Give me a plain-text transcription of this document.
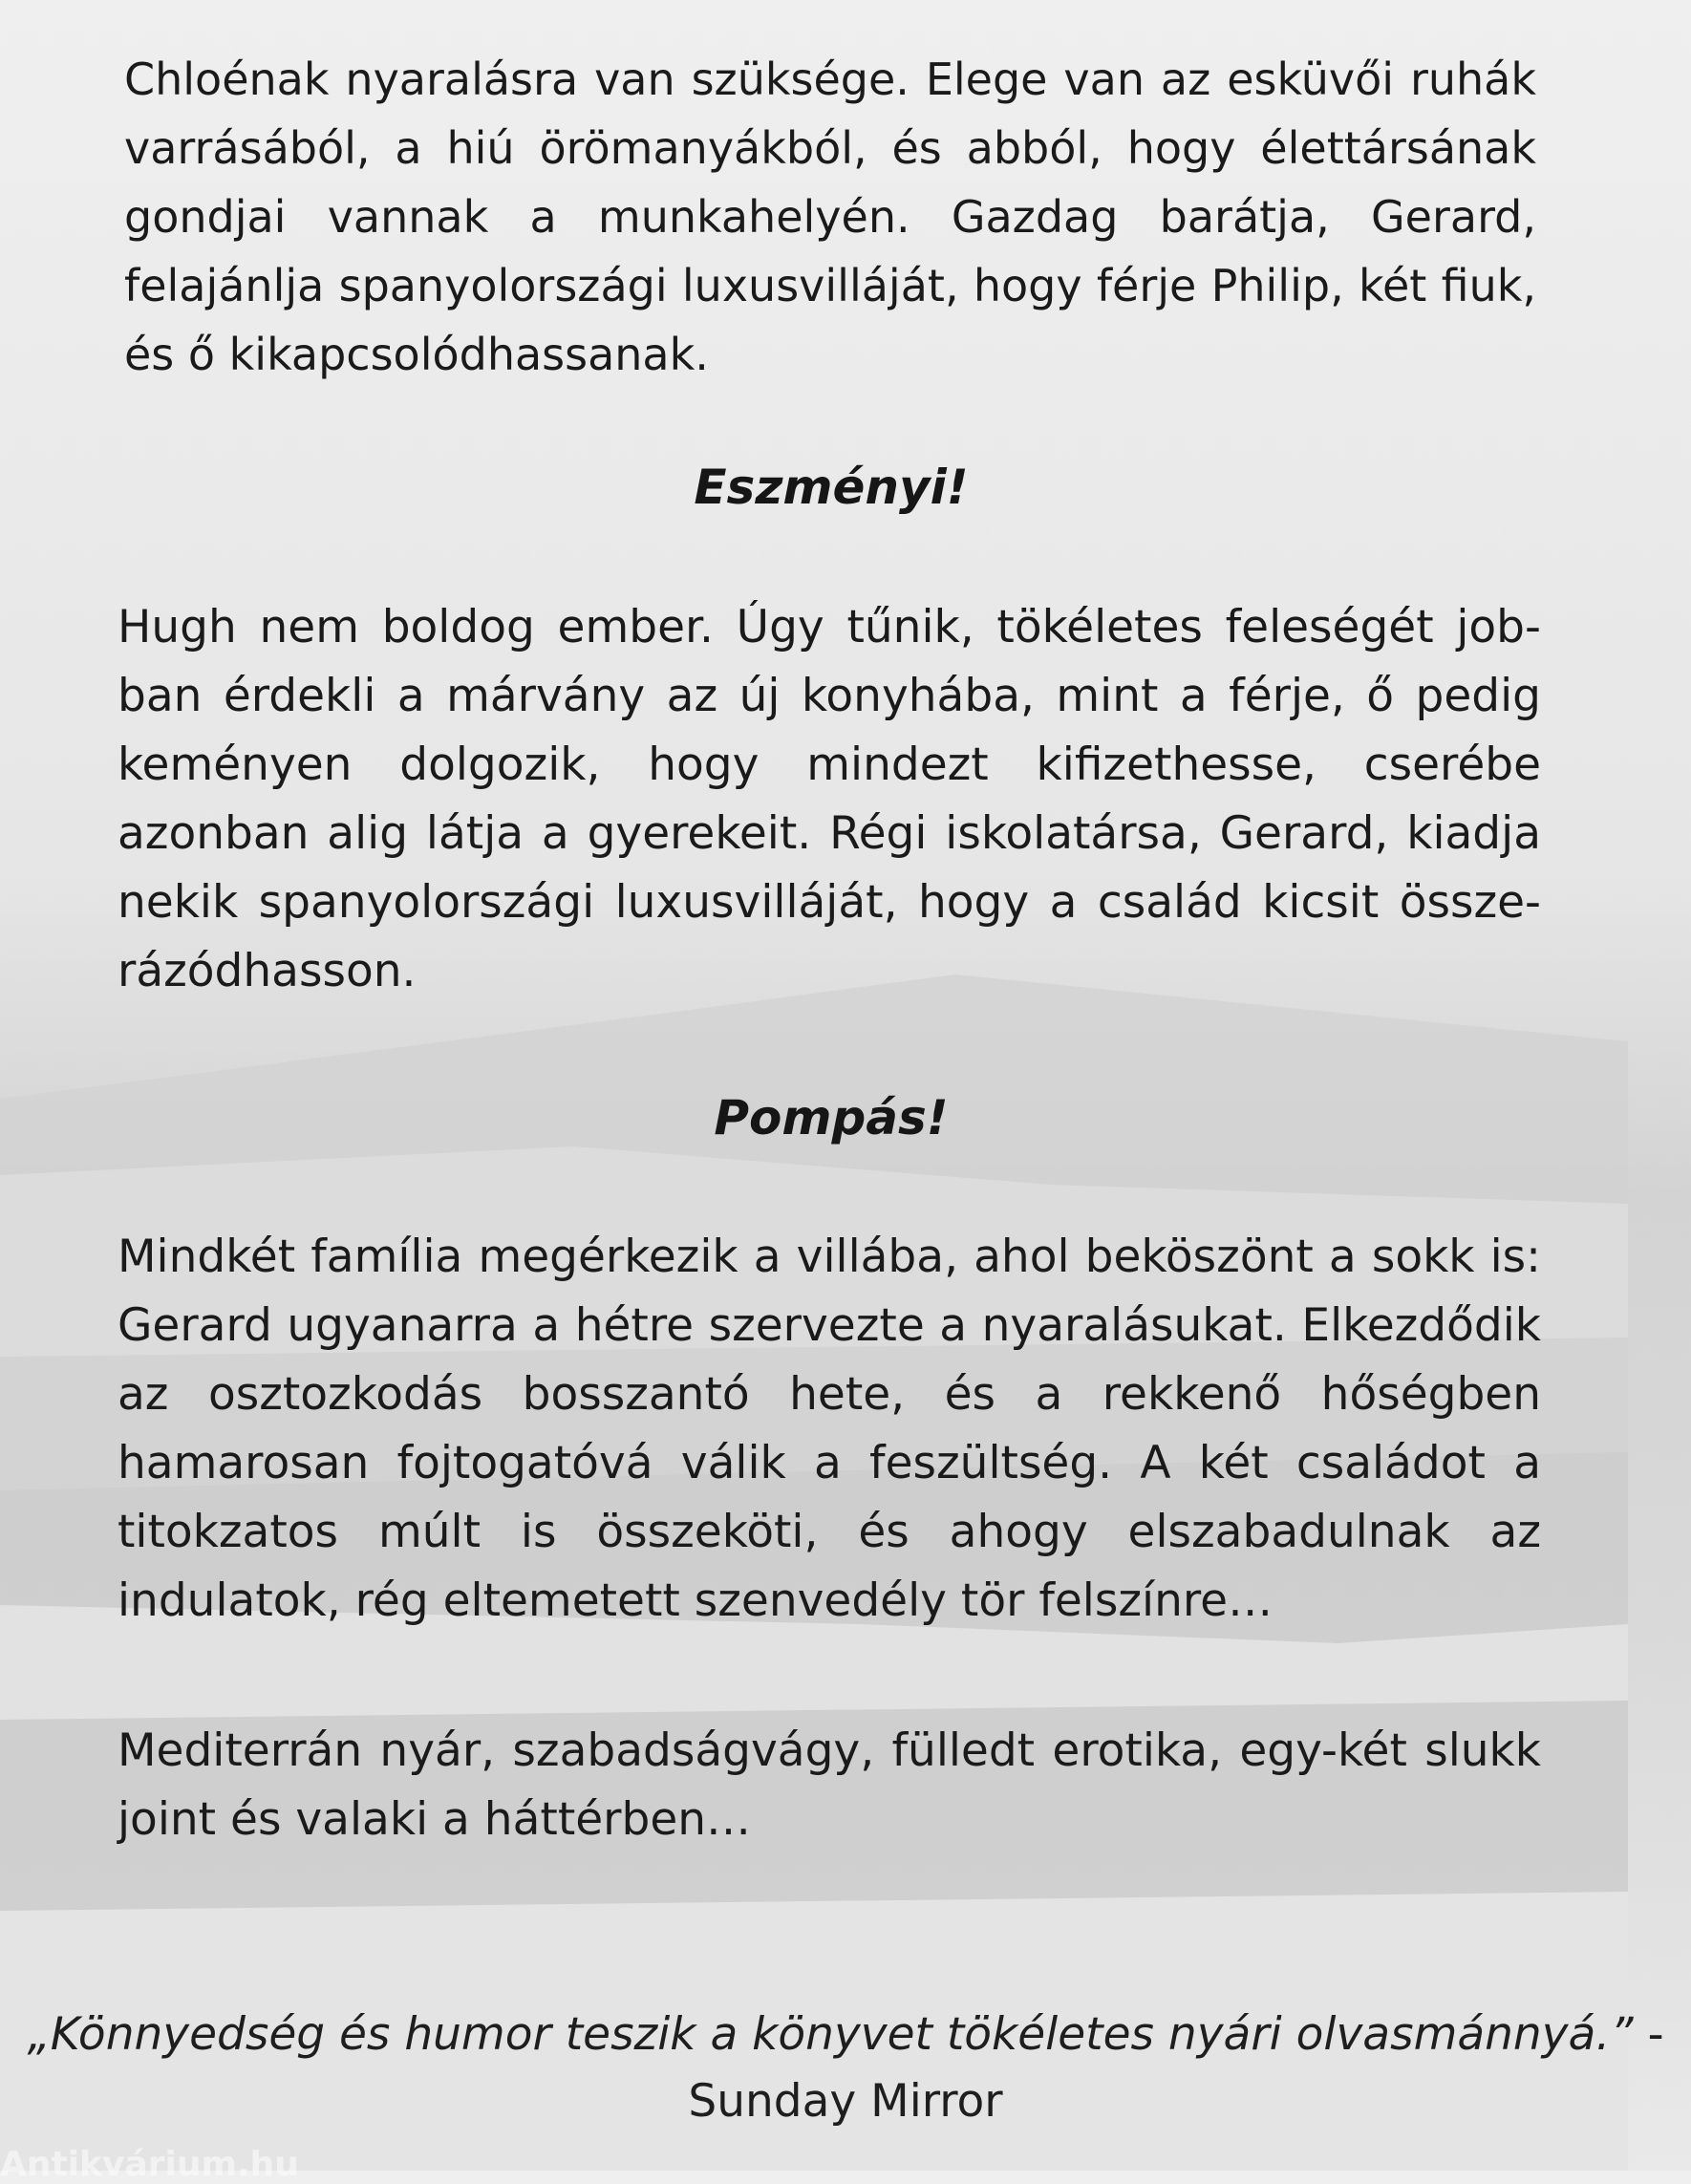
Chloénak nyaralásra van szüksége. Elege van az esküvői ruhák varrásából, a hiú örömanyákból, és abból, hogy élettársának gondjai vannak a munkahelyén. Gazdag barátja, Gerard, felajánlja spanyolországi luxusvilláját, hogy férje Philip, két fiuk, és ő kikapcsolódhassanak.

Eszményi!

Hugh nem boldog ember. Úgy tűnik, tökéletes feleségét jobban érdekli a márvány az új konyhába, mint a férje, ő pedig keményen dolgozik, hogy mindezt kifizethesse, cserébe azonban alig látja a gyerekeit. Régi iskolatársa, Gerard, kiadja nekik spanyolországi luxusvilláját, hogy a család kicsit összerázódhasson.

Pompás!

Mindkét família megérkezik a villába, ahol beköszönt a sokk is: Gerard ugyanarra a hétre szervezte a nyaralásukat. Elkezdődik az osztozkodás bosszantó hete, és a rekkenő hőségben hamarosan fojtogatóvá válik a feszültség. A két családot a titokzatos múlt is összeköti, és ahogy elszabadulnak az indulatok, rég eltemetett szenvedély tör felszínre…

Mediterrán nyár, szabadságvágy, fülledt erotika, egy-két slukk joint és valaki a háttérben…

„Könnyedség és humor teszik a könyvet tökéletes nyári olvasmánnyá.” - Sunday Mirror

Antikvárium.hu
